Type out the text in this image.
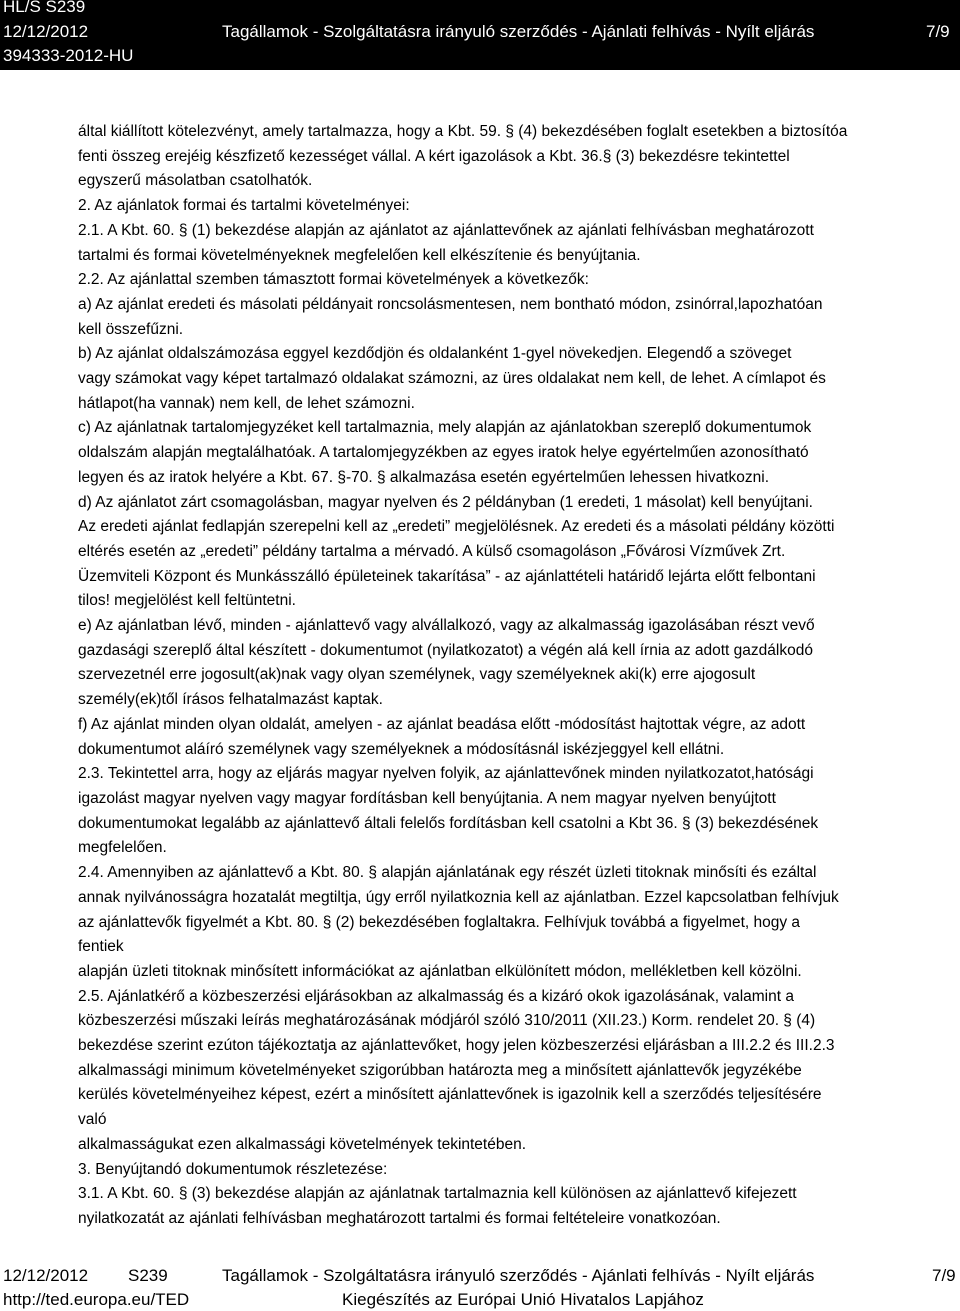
HL/S S239
12/12/2012	Tagállamok - Szolgáltatásra irányuló szerződés - Ajánlati felhívás - Nyílt eljárás	7/9
394333-2012-HU

által kiállított kötelezvényt, amely tartalmazza, hogy a Kbt. 59. § (4) bekezdésében foglalt esetekben a biztosítóa

fenti összeg erejéig készfizető kezességet vállal. A kért igazolások a Kbt. 36.§ (3) bekezdésre tekintettel

egyszerű másolatban csatolhatók.

2. Az ajánlatok formai és tartalmi követelményei:

2.1. A Kbt. 60. § (1) bekezdése alapján az ajánlatot az ajánlattevőnek az ajánlati felhívásban meghatározott

tartalmi és formai követelményeknek megfelelően kell elkészítenie és benyújtania.

2.2. Az ajánlattal szemben támasztott formai követelmények a következők:

a) Az ajánlat eredeti és másolati példányait roncsolásmentesen, nem bontható módon, zsinórral,lapozhatóan

kell összefűzni.

b) Az ajánlat oldalszámozása eggyel kezdődjön és oldalanként 1-gyel növekedjen. Elegendő a szöveget

vagy számokat vagy képet tartalmazó oldalakat számozni, az üres oldalakat nem kell, de lehet. A címlapot és

hátlapot(ha vannak) nem kell, de lehet számozni.

c) Az ajánlatnak tartalomjegyzéket kell tartalmaznia, mely alapján az ajánlatokban szereplő dokumentumok

oldalszám alapján megtalálhatóak. A tartalomjegyzékben az egyes iratok helye egyértelműen azonosítható

legyen és az iratok helyére a Kbt. 67. §-70. § alkalmazása esetén egyértelműen lehessen hivatkozni.

d) Az ajánlatot zárt csomagolásban, magyar nyelven és 2 példányban (1 eredeti, 1 másolat) kell benyújtani.

Az eredeti ajánlat fedlapján szerepelni kell az „eredeti” megjelölésnek. Az eredeti és a másolati példány közötti

eltérés esetén az „eredeti” példány tartalma a mérvadó. A külső csomagoláson „Fővárosi Vízművek Zrt.

Üzemviteli Központ és Munkásszálló épületeinek takarítása” - az ajánlattételi határidő lejárta előtt felbontani

tilos! megjelölést kell feltüntetni.

e) Az ajánlatban lévő, minden - ajánlattevő vagy alvállalkozó, vagy az alkalmasság igazolásában részt vevő

gazdasági szereplő által készített - dokumentumot (nyilatkozatot) a végén alá kell írnia az adott gazdálkodó

szervezetnél erre jogosult(ak)nak vagy olyan személynek, vagy személyeknek aki(k) erre ajogosult

személy(ek)től írásos felhatalmazást kaptak.

f) Az ajánlat minden olyan oldalát, amelyen - az ajánlat beadása előtt -módosítást hajtottak végre, az adott

dokumentumot aláíró személynek vagy személyeknek a módosításnál iskézjeggyel kell ellátni.

2.3. Tekintettel arra, hogy az eljárás magyar nyelven folyik, az ajánlattevőnek minden nyilatkozatot,hatósági

igazolást magyar nyelven vagy magyar fordításban kell benyújtania. A nem magyar nyelven benyújtott

dokumentumokat legalább az ajánlattevő általi felelős fordításban kell csatolni a Kbt 36. § (3) bekezdésének

megfelelően.

2.4. Amennyiben az ajánlattevő a Kbt. 80. § alapján ajánlatának egy részét üzleti titoknak minősíti és ezáltal

annak nyilvánosságra hozatalát megtiltja, úgy erről nyilatkoznia kell az ajánlatban. Ezzel kapcsolatban felhívjuk

az ajánlattevők figyelmét a Kbt. 80. § (2) bekezdésében foglaltakra. Felhívjuk továbbá a figyelmet, hogy a

fentiek

alapján üzleti titoknak minősített információkat az ajánlatban elkülönített módon, mellékletben kell közölni.

2.5. Ajánlatkérő a közbeszerzési eljárásokban az alkalmasság és a kizáró okok igazolásának, valamint a

közbeszerzési műszaki leírás meghatározásának módjáról szóló 310/2011 (XII.23.) Korm. rendelet 20. § (4)

bekezdése szerint ezúton tájékoztatja az ajánlattevőket, hogy jelen közbeszerzési eljárásban a III.2.2 és III.2.3

alkalmassági minimum követelményeket szigorúbban határozta meg a minősített ajánlattevők jegyzékébe

kerülés követelményeihez képest, ezért a minősített ajánlattevőnek is igazolnik kell a szerződés teljesítésére

való

alkalmasságukat ezen alkalmassági követelmények tekintetében.

3. Benyújtandó dokumentumok részletezése:

3.1. A Kbt. 60. § (3) bekezdése alapján az ajánlatnak tartalmaznia kell különösen az ajánlattevő kifejezett

nyilatkozatát az ajánlati felhívásban meghatározott tartalmi és formai feltételeire vonatkozóan.

12/12/2012 S239	Tagállamok - Szolgáltatásra irányuló szerződés - Ajánlati felhívás - Nyílt eljárás	7/9
http://ted.europa.eu/TED	Kiegészítés az Európai Unió Hivatalos Lapjához
